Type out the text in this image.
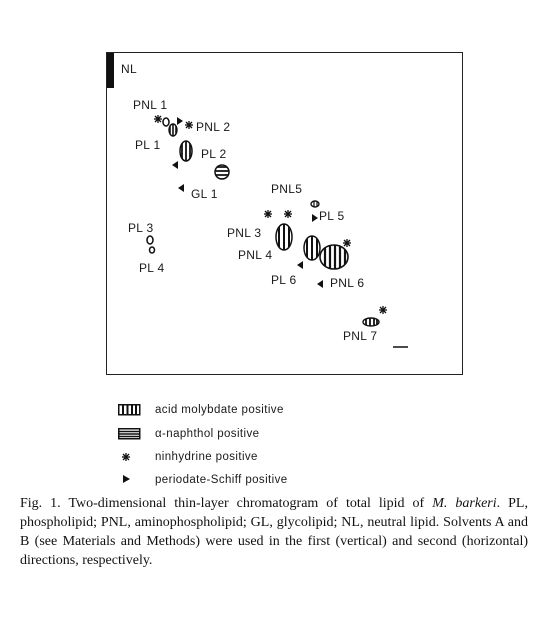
NL
PNL 1
PNL 2
PL 1
PL 2
GL 1
PL 3
PL 4
PNL5
PL 5
PNL 3
PNL 4
PL 6	PNL 6
PNL 7
acid molybdate positive
α-naphthol positive
ninhydrine positive
periodate-Schiff positive
Fig. 1. Two-dimensional thin-layer chromatogram of total lipid of M. barkeri. PL, phospholipid; PNL, aminophospholipid; GL, glycolipid; NL, neutral lipid. Solvents A and B (see Materials and Methods) were used in the first (vertical) and second (horizontal) directions, respectively.
